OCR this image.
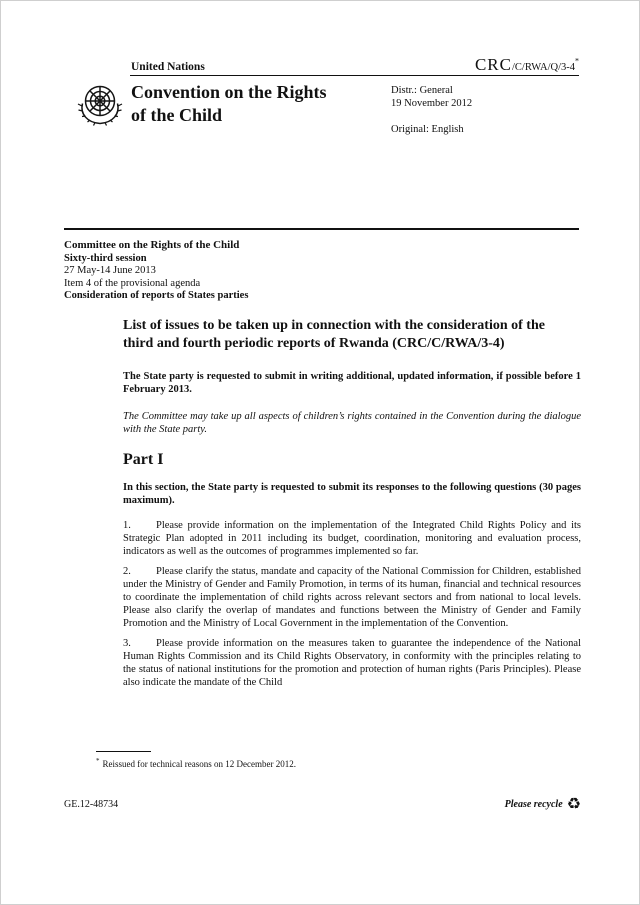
United Nations	CRC/C/RWA/Q/3-4*
Convention on the Rights of the Child
Distr.: General
19 November 2012
Original: English
Committee on the Rights of the Child
Sixty-third session
27 May-14 June 2013
Item 4 of the provisional agenda
Consideration of reports of States parties
List of issues to be taken up in connection with the consideration of the third and fourth periodic reports of Rwanda (CRC/C/RWA/3-4)

The State party is requested to submit in writing additional, updated information, if possible before 1 February 2013.

The Committee may take up all aspects of children’s rights contained in the Convention during the dialogue with the State party.

Part I

In this section, the State party is requested to submit its responses to the following questions (30 pages maximum).

1. Please provide information on the implementation of the Integrated Child Rights Policy and its Strategic Plan adopted in 2011 including its budget, coordination, monitoring and evaluation process, indicators as well as the outcomes of programmes implemented so far.

2. Please clarify the status, mandate and capacity of the National Commission for Children, established under the Ministry of Gender and Family Promotion, in terms of its human, financial and technical resources to coordinate the implementation of child rights across relevant sectors and from national to local levels. Please also clarify the overlap of mandates and functions between the Ministry of Gender and Family Promotion and the Ministry of Local Government in the implementation of the Convention.

3. Please provide information on the measures taken to guarantee the independence of the National Human Rights Commission and its Child Rights Observatory, in conformity with the principles relating to the status of national institutions for the promotion and protection of human rights (Paris Principles). Please also indicate the mandate of the Child

* Reissued for technical reasons on 12 December 2012.
GE.12-48734	Please recycle ♻
